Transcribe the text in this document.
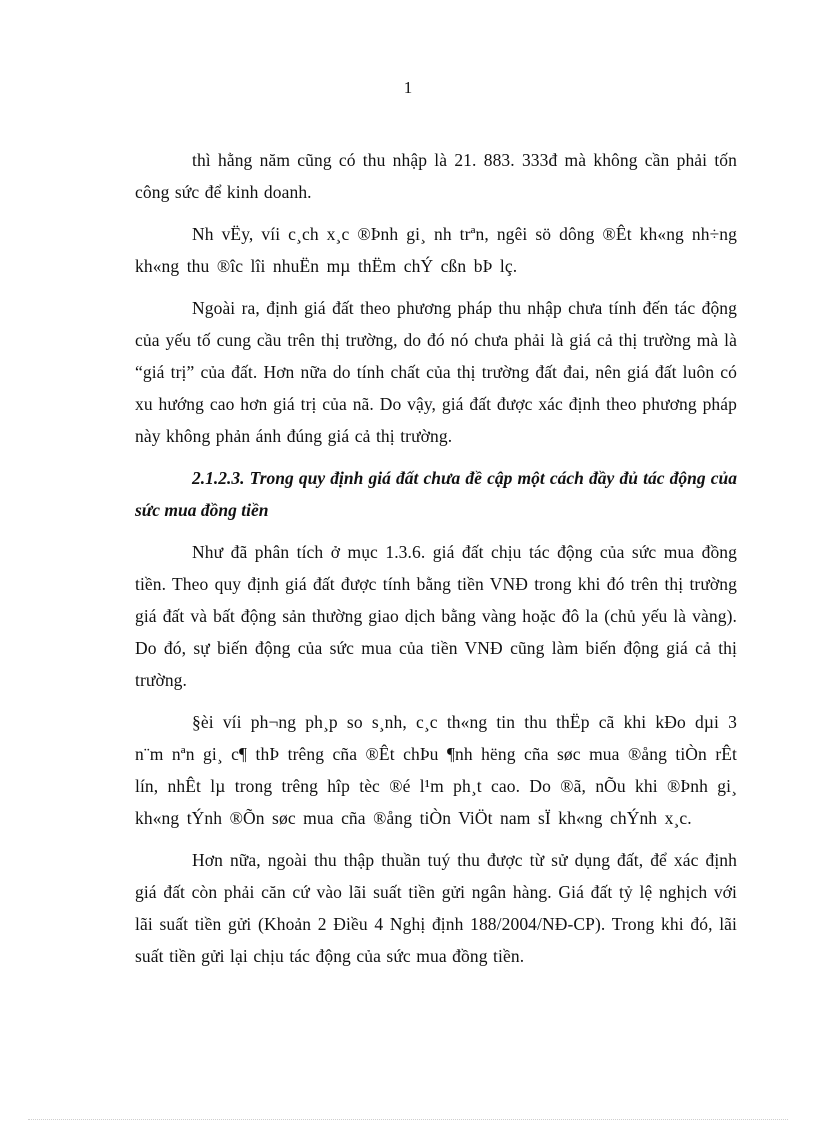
1

thì hằng năm cũng có thu nhập là 21. 883. 333đ mà không cần phải tốn công sức để kinh doanh.

Nh vËy, víi c¸ch x¸c ®Þnh gi¸ nh trªn, ngêi sö dông ®Êt kh«ng nh÷ng kh«ng thu ®îc lîi nhuËn mµ thËm chÝ cßn bÞ lç.

Ngoài ra, định giá đất theo phương pháp thu nhập chưa tính đến tác động của yếu tố cung cầu trên thị trường, do đó nó chưa phải là giá cả thị trường mà là “giá trị” của đất. Hơn nữa do tính chất của thị trường đất đai, nên giá đất luôn có xu hướng cao hơn giá trị của nã. Do vậy, giá đất được xác định theo phương pháp này không phản ánh đúng giá cả thị trường.

2.1.2.3. Trong quy định giá đất chưa đề cập một cách đầy đủ tác động của sức mua đồng tiền

Như đã phân tích ở mục 1.3.6. giá đất chịu tác động của sức mua đồng tiền. Theo quy định giá đất được tính bằng tiền VNĐ trong khi đó trên thị trường giá đất và bất động sản thường giao dịch bằng vàng hoặc đô la (chủ yếu là vàng). Do đó, sự biến động của sức mua của tiền VNĐ cũng làm biến động giá cả thị trường.

§èi víi ph¬ng ph¸p so s¸nh, c¸c th«ng tin thu thËp cã khi kÐo dµi 3 n¨m nªn gi¸ c¶ thÞ trêng cña ®Êt chÞu ¶nh hëng cña søc mua ®ång tiÒn rÊt lín, nhÊt lµ trong trêng hîp tèc ®é l¹m ph¸t cao. Do ®ã, nÕu khi ®Þnh gi¸ kh«ng tÝnh ®Õn søc mua cña ®ång tiÒn ViÖt nam sÏ kh«ng chÝnh x¸c.

Hơn nữa, ngoài thu thập thuần tuý thu được từ sử dụng đất, để xác định giá đất còn phải căn cứ vào lãi suất tiền gửi ngân hàng. Giá đất tỷ lệ nghịch với lãi suất tiền gửi (Khoản 2 Điều 4 Nghị định 188/2004/NĐ-CP). Trong khi đó, lãi suất tiền gửi lại chịu tác động của sức mua đồng tiền.
